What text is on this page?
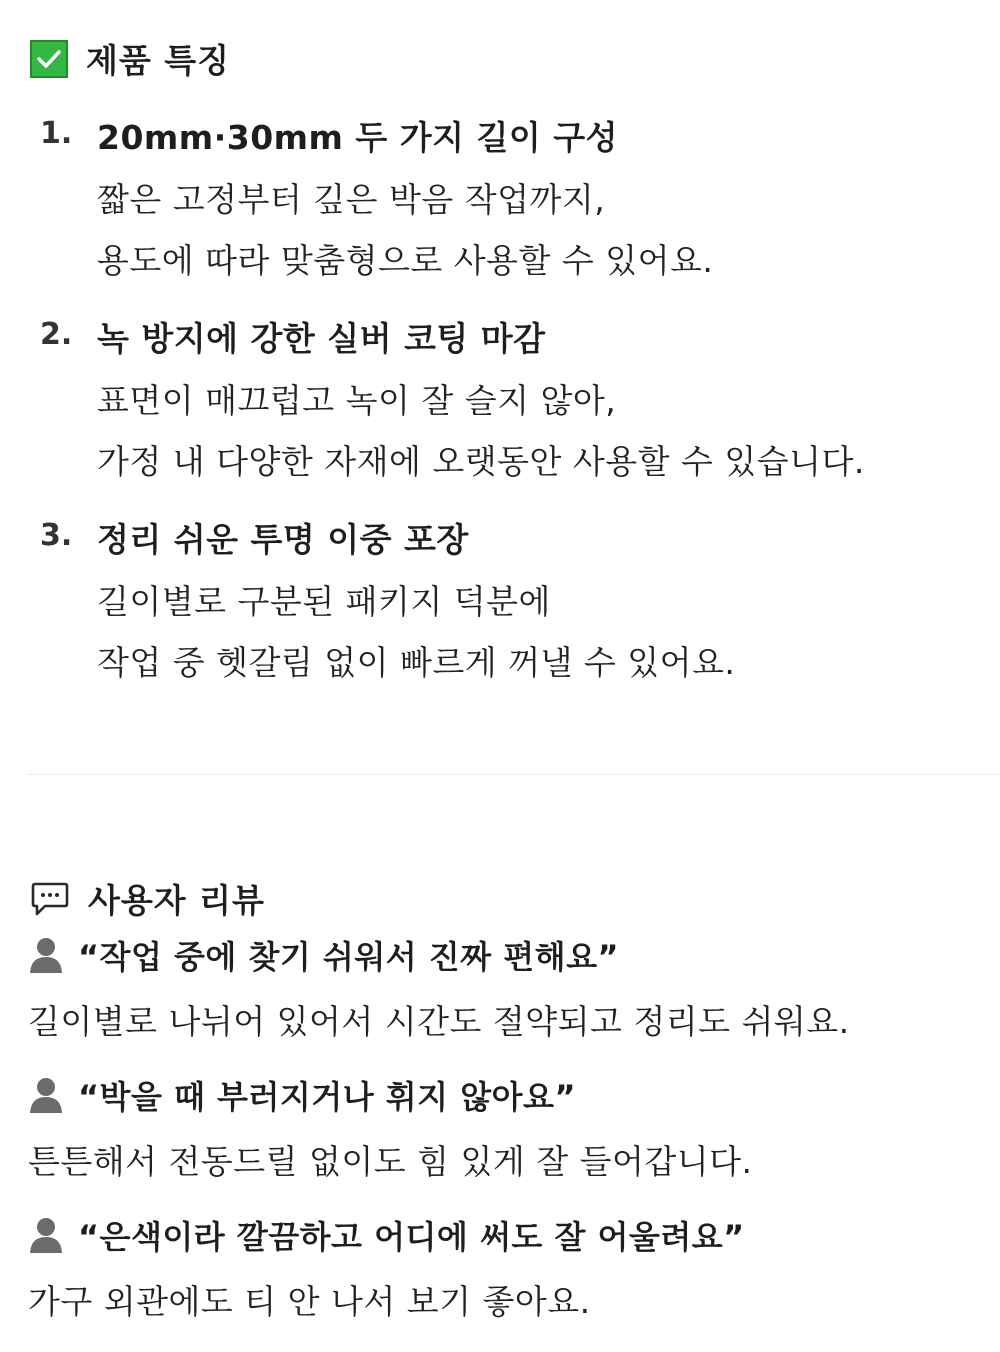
제품 특징
1. 20mm·30mm 두 가지 길이 구성
짧은 고정부터 깊은 박음 작업까지,
용도에 따라 맞춤형으로 사용할 수 있어요.
2. 녹 방지에 강한 실버 코팅 마감
표면이 매끄럽고 녹이 잘 슬지 않아,
가정 내 다양한 자재에 오랫동안 사용할 수 있습니다.
3. 정리 쉬운 투명 이중 포장
길이별로 구분된 패키지 덕분에
작업 중 헷갈림 없이 빠르게 꺼낼 수 있어요.
사용자 리뷰
“작업 중에 찾기 쉬워서 진짜 편해요”
길이별로 나뉘어 있어서 시간도 절약되고 정리도 쉬워요.
“박을 때 부러지거나 휘지 않아요”
튼튼해서 전동드릴 없이도 힘 있게 잘 들어갑니다.
“은색이라 깔끔하고 어디에 써도 잘 어울려요”
가구 외관에도 티 안 나서 보기 좋아요.
